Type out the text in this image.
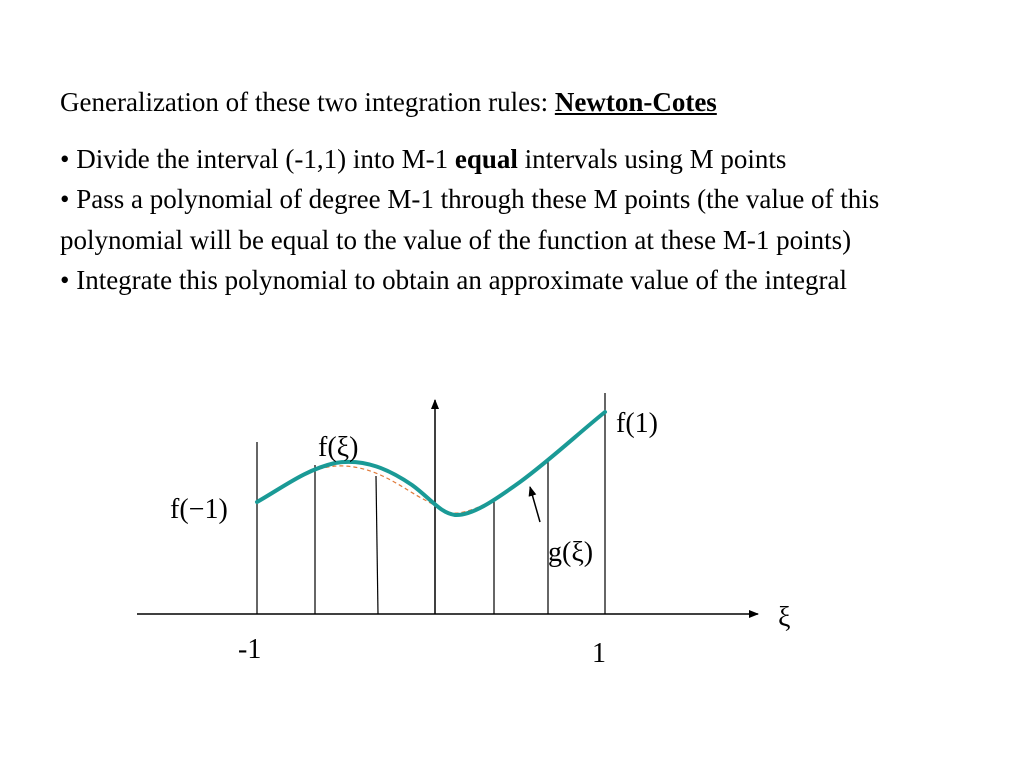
Generalization of these two integration rules: Newton-Cotes

• Divide the interval (-1,1) into M-1 equal intervals using M points

• Pass a polynomial of degree M-1 through these M points (the value of this polynomial will be equal to the value of the function at these M-1 points)

• Integrate this polynomial to obtain an approximate value of the integral

f(−1)
f(ξ)
f(1)
g(ξ)
ξ
-1	1
